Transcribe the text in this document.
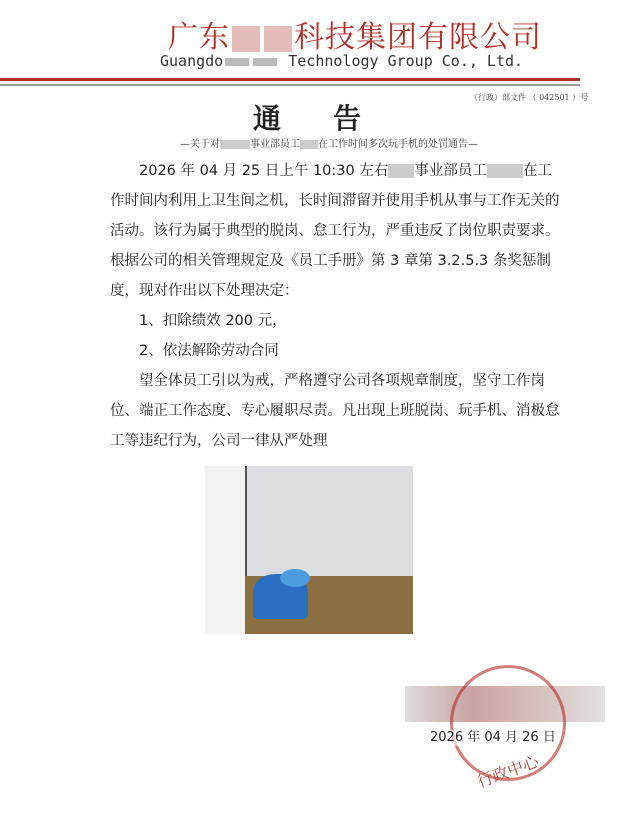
广东 科技集团有限公司
Guangdo	Technology Group Co., Ltd.
（行政）部文件 （ 042501 ）号
通告
—关于对	事业部员工 在工作时间多次玩手机的处罚通告—

2026 年 04 月 25 日上午 10:30 左右 事业部员工 在工作时间内利用上卫生间之机，长时间滞留并使用手机从事与工作无关的活动。该行为属于典型的脱岗、怠工行为，严重违反了岗位职责要求。根据公司的相关管理规定及《员工手册》第 3 章第 3.2.5.3 条奖惩制度，现对作出以下处理决定：

1、扣除绩效 200 元，

2、依法解除劳动合同

望全体员工引以为戒，严格遵守公司各项规章制度，坚守工作岗位、端正工作态度、专心履职尽责。凡出现上班脱岗、玩手机、消极怠工等违纪行为，公司一律从严处理

2026 年 04 月 26 日
行政中心
